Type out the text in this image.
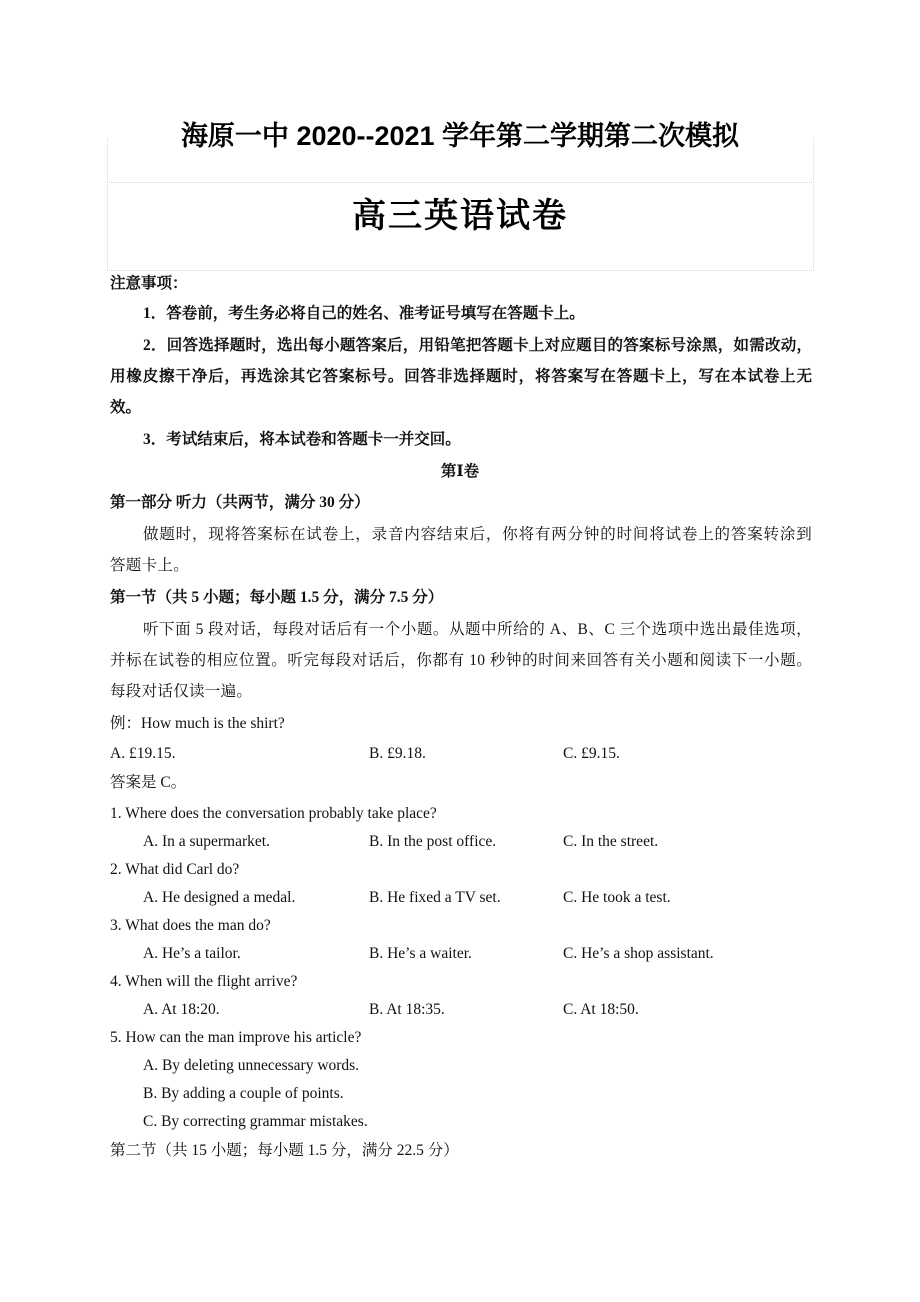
海原一中 2020--2021 学年第二学期第二次模拟
高三英语试卷
注意事项：
1．答卷前，考生务必将自己的姓名、准考证号填写在答题卡上。
2．回答选择题时，选出每小题答案后，用铅笔把答题卡上对应题目的答案标号涂黑，如需改动，
用橡皮擦干净后，再选涂其它答案标号。回答非选择题时，将答案写在答题卡上，写在本试卷上无
效。
3．考试结束后，将本试卷和答题卡一并交回。
第Ⅰ卷
第一部分 听力（共两节，满分 30 分）
做题时，现将答案标在试卷上，录音内容结束后，你将有两分钟的时间将试卷上的答案转涂到
答题卡上。
第一节（共 5 小题；每小题 1.5 分，满分 7.5 分）
听下面 5 段对话，每段对话后有一个小题。从题中所给的 A、B、C 三个选项中选出最佳选项，
并标在试卷的相应位置。听完每段对话后，你都有 10 秒钟的时间来回答有关小题和阅读下一小题。
每段对话仅读一遍。
例：How much is the shirt?
A. £19.15.	B. £9.18.	C. £9.15.
答案是 C。
1. Where does the conversation probably take place?
A. In a supermarket.	B. In the post office.	C. In the street.
2. What did Carl do?
A. He designed a medal.	B. He fixed a TV set.	C. He took a test.
3. What does the man do?
A. He’s a tailor.	B. He’s a waiter.	C. He’s a shop assistant.
4. When will the flight arrive?
A. At 18:20.	B. At 18:35.	C. At 18:50.
5. How can the man improve his article?
A. By deleting unnecessary words.
B. By adding a couple of points.
C. By correcting grammar mistakes.
第二节（共 15 小题；每小题 1.5 分，满分 22.5 分）
